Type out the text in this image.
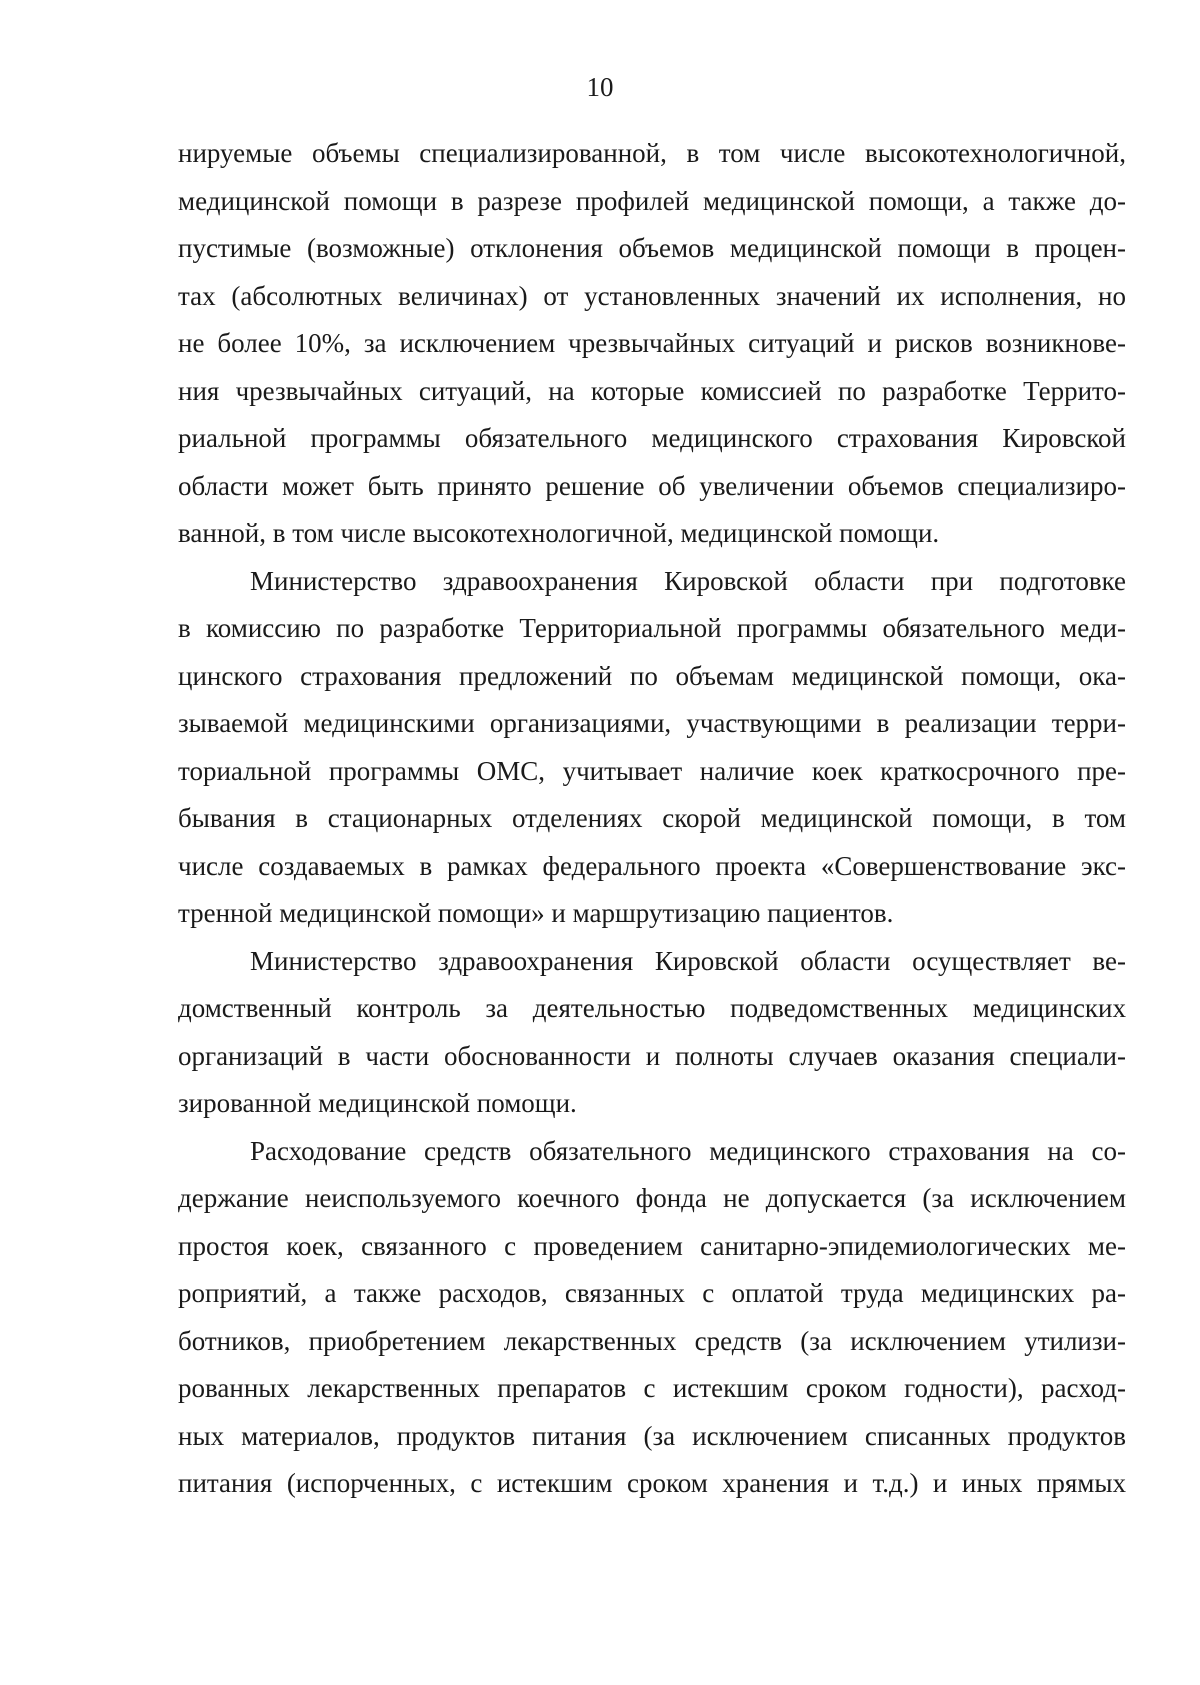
10
нируемые объемы специализированной, в том числе высокотехнологичной,
медицинской помощи в разрезе профилей медицинской помощи, а также до-
пустимые (возможные) отклонения объемов медицинской помощи в процен-
тах (абсолютных величинах) от установленных значений их исполнения, но
не более 10%, за исключением чрезвычайных ситуаций и рисков возникнове-
ния чрезвычайных ситуаций, на которые комиссией по разработке Террито-
риальной программы обязательного медицинского страхования Кировской
области может быть принято решение об увеличении объемов специализиро-
ванной, в том числе высокотехнологичной, медицинской помощи.
Министерство здравоохранения Кировской области при подготовке
в комиссию по разработке Территориальной программы обязательного меди-
цинского страхования предложений по объемам медицинской помощи, ока-
зываемой медицинскими организациями, участвующими в реализации терри-
ториальной программы ОМС, учитывает наличие коек краткосрочного пре-
бывания в стационарных отделениях скорой медицинской помощи, в том
числе создаваемых в рамках федерального проекта «Совершенствование экс-
тренной медицинской помощи» и маршрутизацию пациентов.
Министерство здравоохранения Кировской области осуществляет ве-
домственный контроль за деятельностью подведомственных медицинских
организаций в части обоснованности и полноты случаев оказания специали-
зированной медицинской помощи.
Расходование средств обязательного медицинского страхования на со-
держание неиспользуемого коечного фонда не допускается (за исключением
простоя коек, связанного с проведением санитарно-эпидемиологических ме-
роприятий, а также расходов, связанных с оплатой труда медицинских ра-
ботников, приобретением лекарственных средств (за исключением утилизи-
рованных лекарственных препаратов с истекшим сроком годности), расход-
ных материалов, продуктов питания (за исключением списанных продуктов
питания (испорченных, с истекшим сроком хранения и т.д.) и иных прямых
